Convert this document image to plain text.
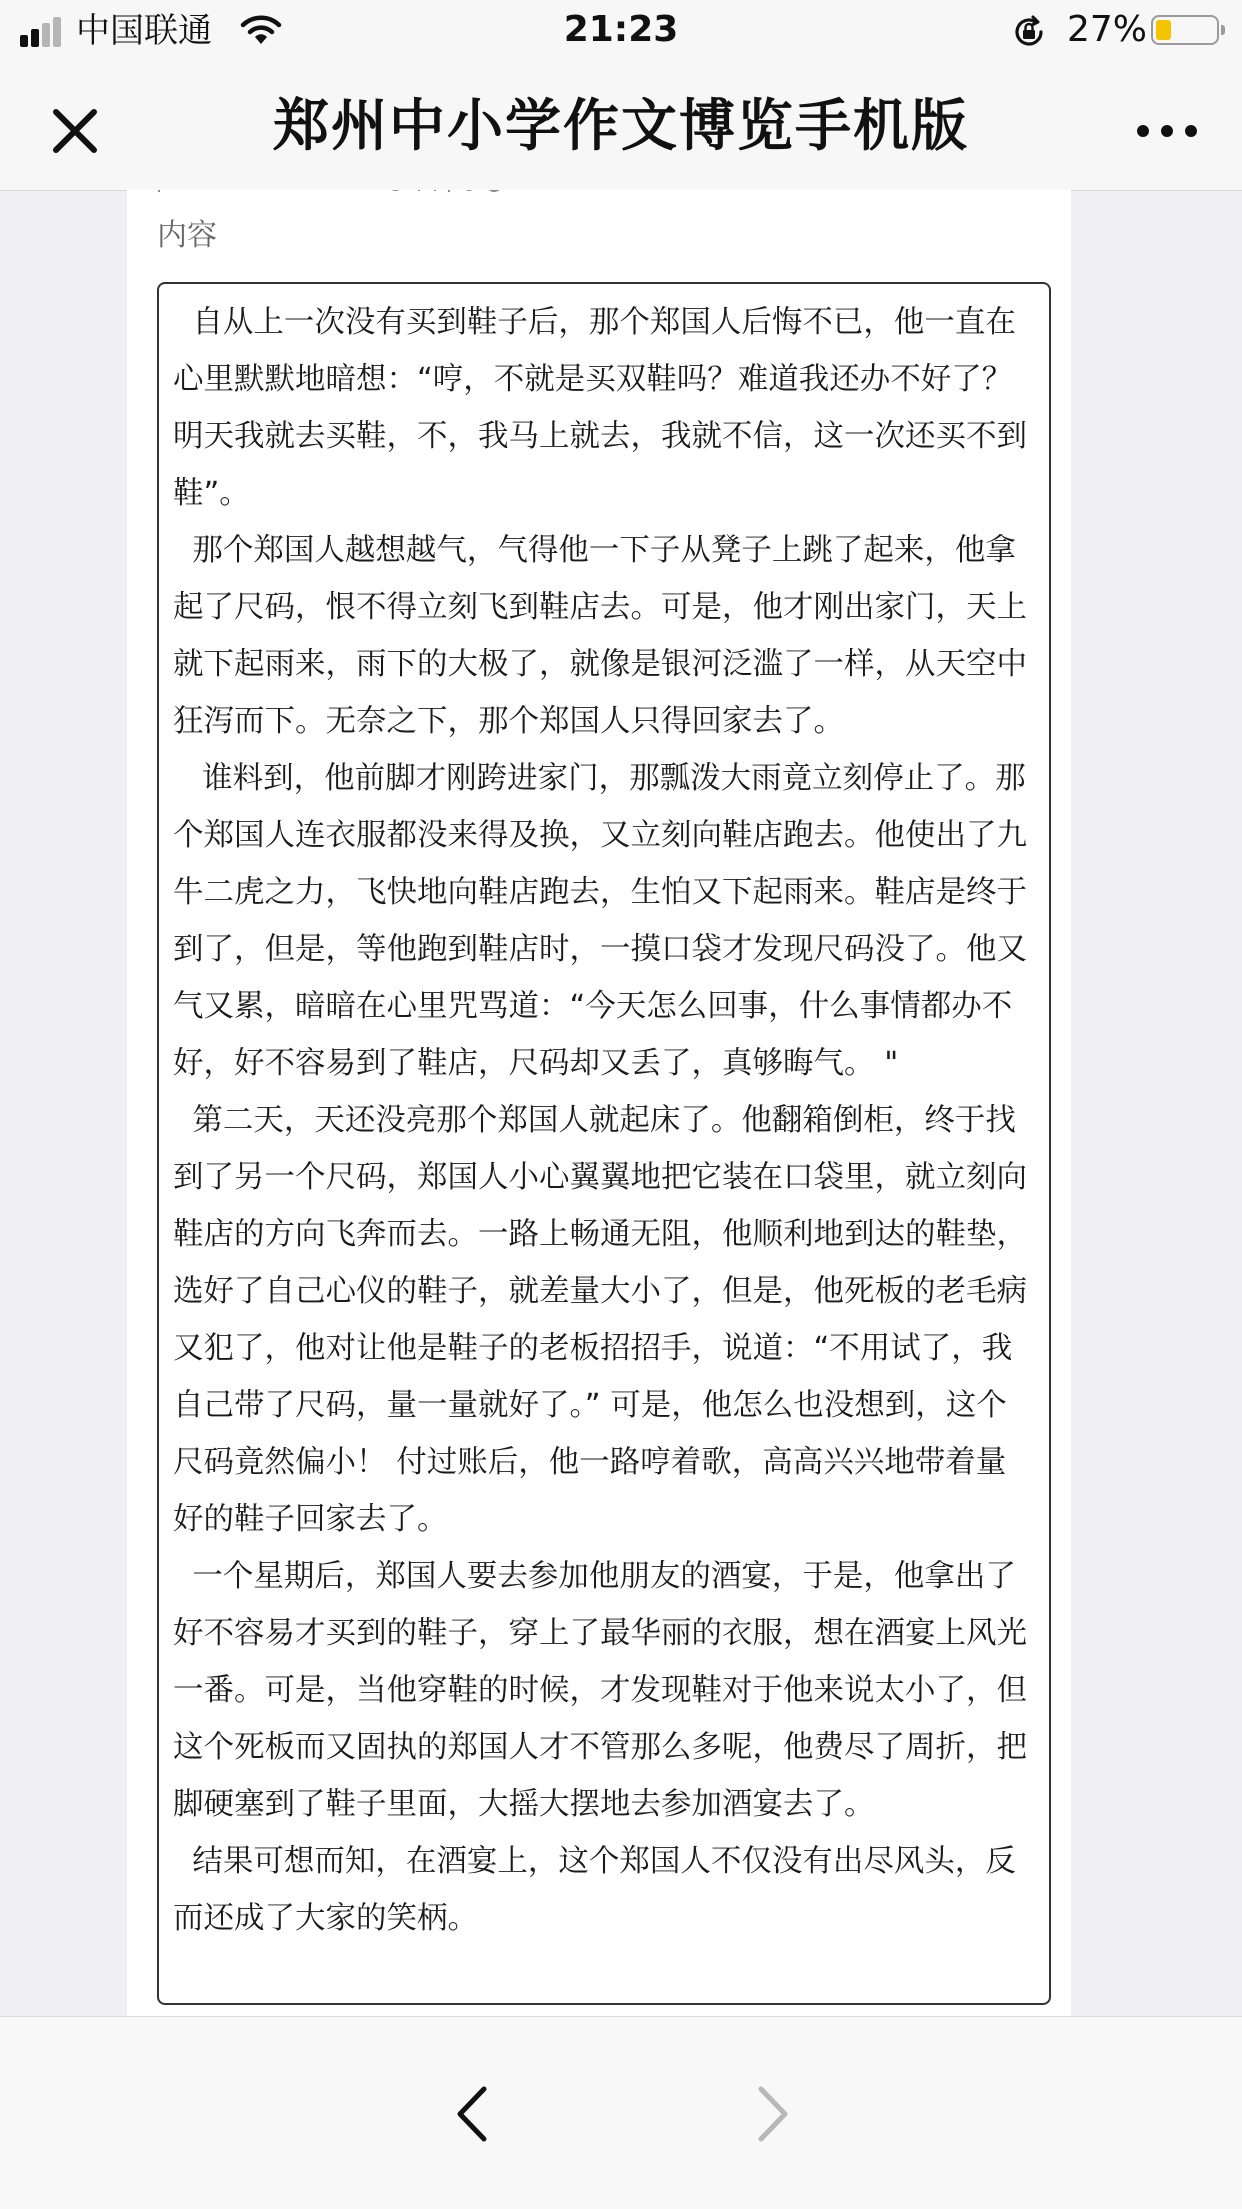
中国联通	21:23	27%
郑州中小学作文博览手机版
内容

自从上一次没有买到鞋子后，那个郑国人后悔不已，他一直在心里默默地暗想：“哼，不就是买双鞋吗？难道我还办不好了？明天我就去买鞋，不，我马上就去，我就不信，这一次还买不到鞋”。

那个郑国人越想越气，气得他一下子从凳子上跳了起来，他拿起了尺码，恨不得立刻飞到鞋店去。可是，他才刚出家门，天上就下起雨来，雨下的大极了，就像是银河泛滥了一样，从天空中狂泻而下。无奈之下，那个郑国人只得回家去了。

谁料到，他前脚才刚跨进家门，那瓢泼大雨竟立刻停止了。那个郑国人连衣服都没来得及换，又立刻向鞋店跑去。他使出了九牛二虎之力，飞快地向鞋店跑去，生怕又下起雨来。鞋店是终于到了，但是，等他跑到鞋店时，一摸口袋才发现尺码没了。他又气又累，暗暗在心里咒骂道：“今天怎么回事，什么事情都办不好，好不容易到了鞋店，尺码却又丢了，真够晦气。 "

第二天，天还没亮那个郑国人就起床了。他翻箱倒柜，终于找到了另一个尺码，郑国人小心翼翼地把它装在口袋里，就立刻向鞋店的方向飞奔而去。一路上畅通无阻，他顺利地到达的鞋垫，选好了自己心仪的鞋子，就差量大小了，但是，他死板的老毛病又犯了，他对让他是鞋子的老板招招手，说道：“不用试了，我自己带了尺码，量一量就好了。” 可是，他怎么也没想到，这个尺码竟然偏小！ 付过账后，他一路哼着歌，高高兴兴地带着量好的鞋子回家去了。

一个星期后，郑国人要去参加他朋友的酒宴，于是，他拿出了好不容易才买到的鞋子，穿上了最华丽的衣服，想在酒宴上风光一番。可是，当他穿鞋的时候，才发现鞋对于他来说太小了，但这个死板而又固执的郑国人才不管那么多呢，他费尽了周折，把脚硬塞到了鞋子里面，大摇大摆地去参加酒宴去了。

结果可想而知，在酒宴上，这个郑国人不仅没有出尽风头，反而还成了大家的笑柄。
